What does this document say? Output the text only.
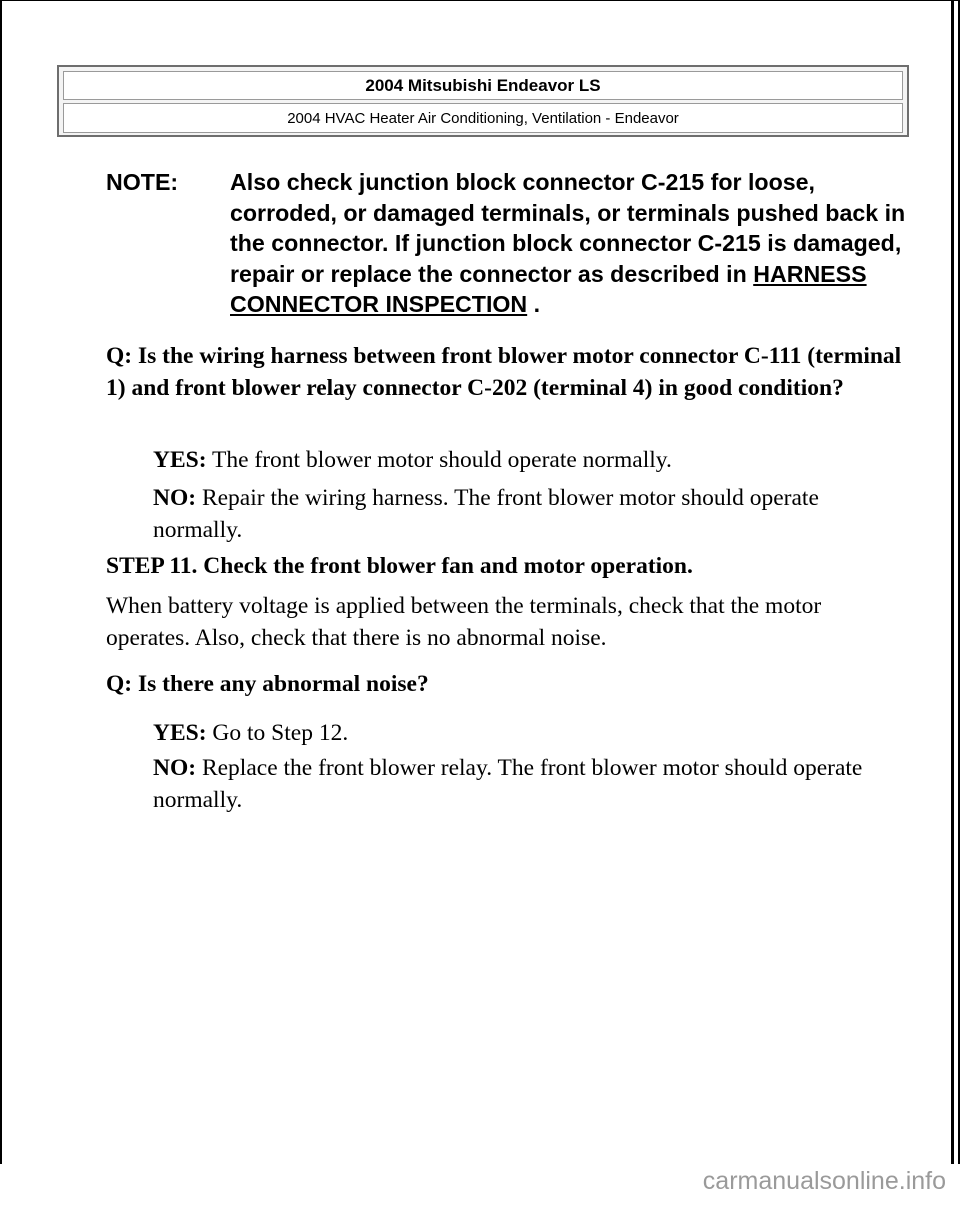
2004 Mitsubishi Endeavor LS
2004 HVAC Heater Air Conditioning, Ventilation - Endeavor
NOTE: Also check junction block connector C-215 for loose, corroded, or damaged terminals, or terminals pushed back in the connector. If junction block connector C-215 is damaged, repair or replace the connector as described in HARNESS CONNECTOR INSPECTION .
Q: Is the wiring harness between front blower motor connector C-111 (terminal 1) and front blower relay connector C-202 (terminal 4) in good condition?
YES: The front blower motor should operate normally.
NO: Repair the wiring harness. The front blower motor should operate normally.
STEP 11. Check the front blower fan and motor operation.
When battery voltage is applied between the terminals, check that the motor operates. Also, check that there is no abnormal noise.
Q: Is there any abnormal noise?
YES: Go to Step 12.
NO: Replace the front blower relay. The front blower motor should operate normally.
carmanualsonline.info
